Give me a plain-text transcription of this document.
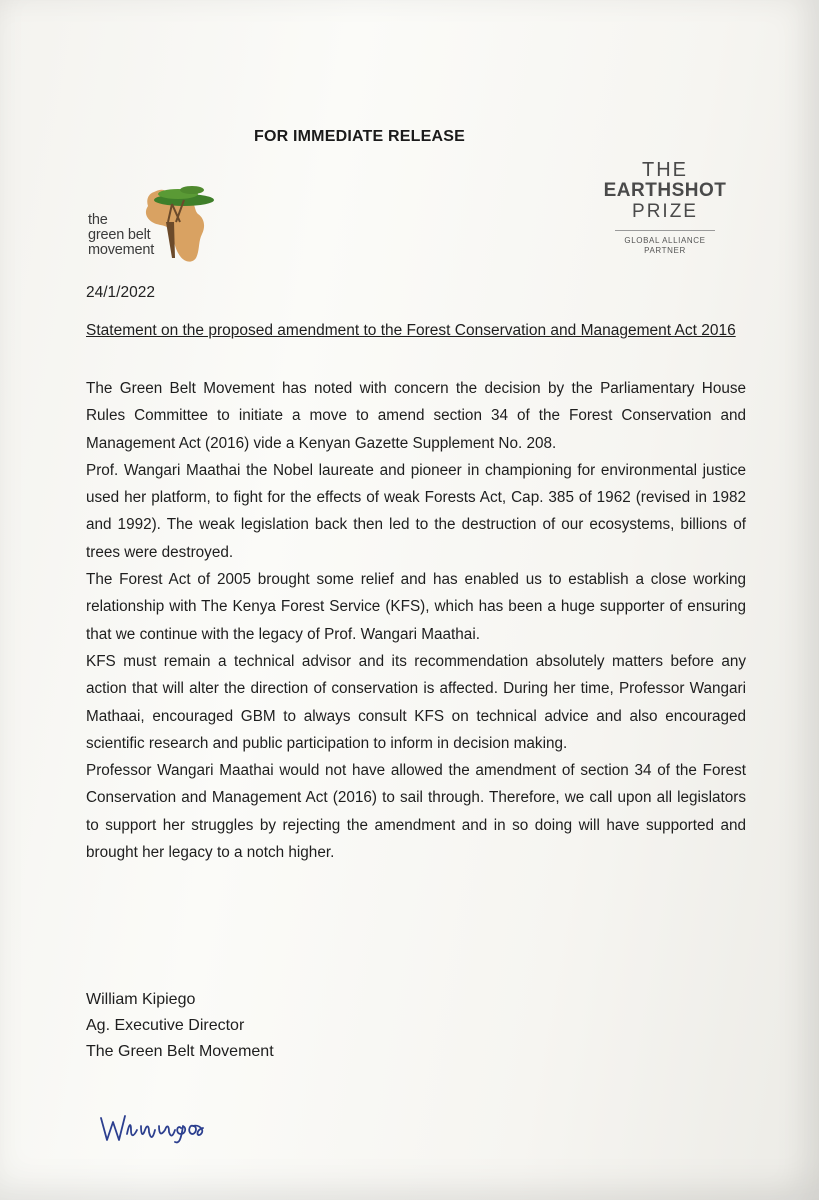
FOR IMMEDIATE RELEASE
the
green belt
movement
THE
EARTHSHOT
PRIZE
GLOBAL ALLIANCE
PARTNER
24/1/2022
Statement on the proposed amendment to the Forest Conservation and Management Act 2016

The Green Belt Movement has noted with concern the decision by the Parliamentary House Rules Committee to initiate a move to amend section 34 of the Forest Conservation and Management Act (2016) vide a Kenyan Gazette Supplement No. 208.

Prof. Wangari Maathai the Nobel laureate and pioneer in championing for environmental justice used her platform, to fight for the effects of weak Forests Act, Cap. 385 of 1962 (revised in 1982 and 1992). The weak legislation back then led to the destruction of our ecosystems, billions of trees were destroyed.

The Forest Act of 2005 brought some relief and has enabled us to establish a close working relationship with The Kenya Forest Service (KFS), which has been a huge supporter of ensuring that we continue with the legacy of Prof. Wangari Maathai.

KFS must remain a technical advisor and its recommendation absolutely matters before any action that will alter the direction of conservation is affected. During her time, Professor Wangari Mathaai, encouraged GBM to always consult KFS on technical advice and also encouraged scientific research and public participation to inform in decision making.

Professor Wangari Maathai would not have allowed the amendment of section 34 of the Forest Conservation and Management Act (2016) to sail through. Therefore, we call upon all legislators to support her struggles by rejecting the amendment and in so doing will have supported and brought her legacy to a notch higher.

William Kipiego
Ag. Executive Director
The Green Belt Movement
